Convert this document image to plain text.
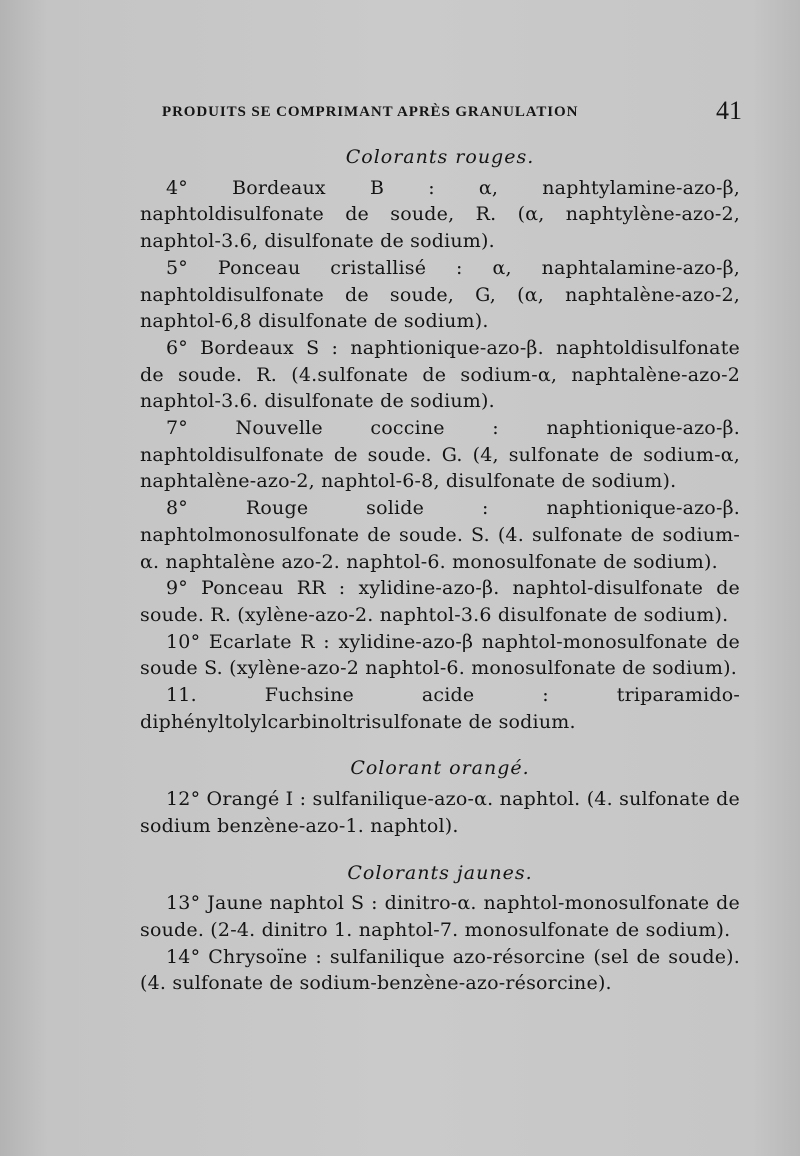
PRODUITS SE COMPRIMANT APRÈS GRANULATION	41
Colorants rouges.

4° Bordeaux B : α, naphtylamine-azo-β, naphtoldisulfonate de soude, R. (α, naphtylène-azo-2, naphtol-3.6, disulfonate de sodium).

5° Ponceau cristallisé : α, naphtalamine-azo-β, naphtoldisulfonate de soude, G, (α, naphtalène-azo-2, naphtol-6,8 disulfonate de sodium).

6° Bordeaux S : naphtionique-azo-β. naphtoldisulfonate de soude. R. (4.sulfonate de sodium-α, naphtalène-azo-2 naphtol-3.6. disulfonate de sodium).

7° Nouvelle coccine : naphtionique-azo-β. naphtoldisulfonate de soude. G. (4, sulfonate de sodium-α, naphtalène-azo-2, naphtol-6-8, disulfonate de sodium).

8° Rouge solide : naphtionique-azo-β. naphtolmonosulfonate de soude. S. (4. sulfonate de sodium-α. naphtalène azo-2. naphtol-6. monosulfonate de sodium).

9° Ponceau RR : xylidine-azo-β. naphtol-disulfonate de soude. R. (xylène-azo-2. naphtol-3.6 disulfonate de sodium).

10° Ecarlate R : xylidine-azo-β naphtol-monosulfonate de soude S. (xylène-azo-2 naphtol-6. monosulfonate de sodium).

11. Fuchsine acide : triparamido-diphényltolylcarbinoltrisulfonate de sodium.

Colorant orangé.

12° Orangé I : sulfanilique-azo-α. naphtol. (4. sulfonate de sodium benzène-azo-1. naphtol).

Colorants jaunes.

13° Jaune naphtol S : dinitro-α. naphtol-monosulfonate de soude. (2-4. dinitro 1. naphtol-7. monosulfonate de sodium).

14° Chrysoïne : sulfanilique azo-résorcine (sel de soude). (4. sulfonate de sodium-benzène-azo-résorcine).
